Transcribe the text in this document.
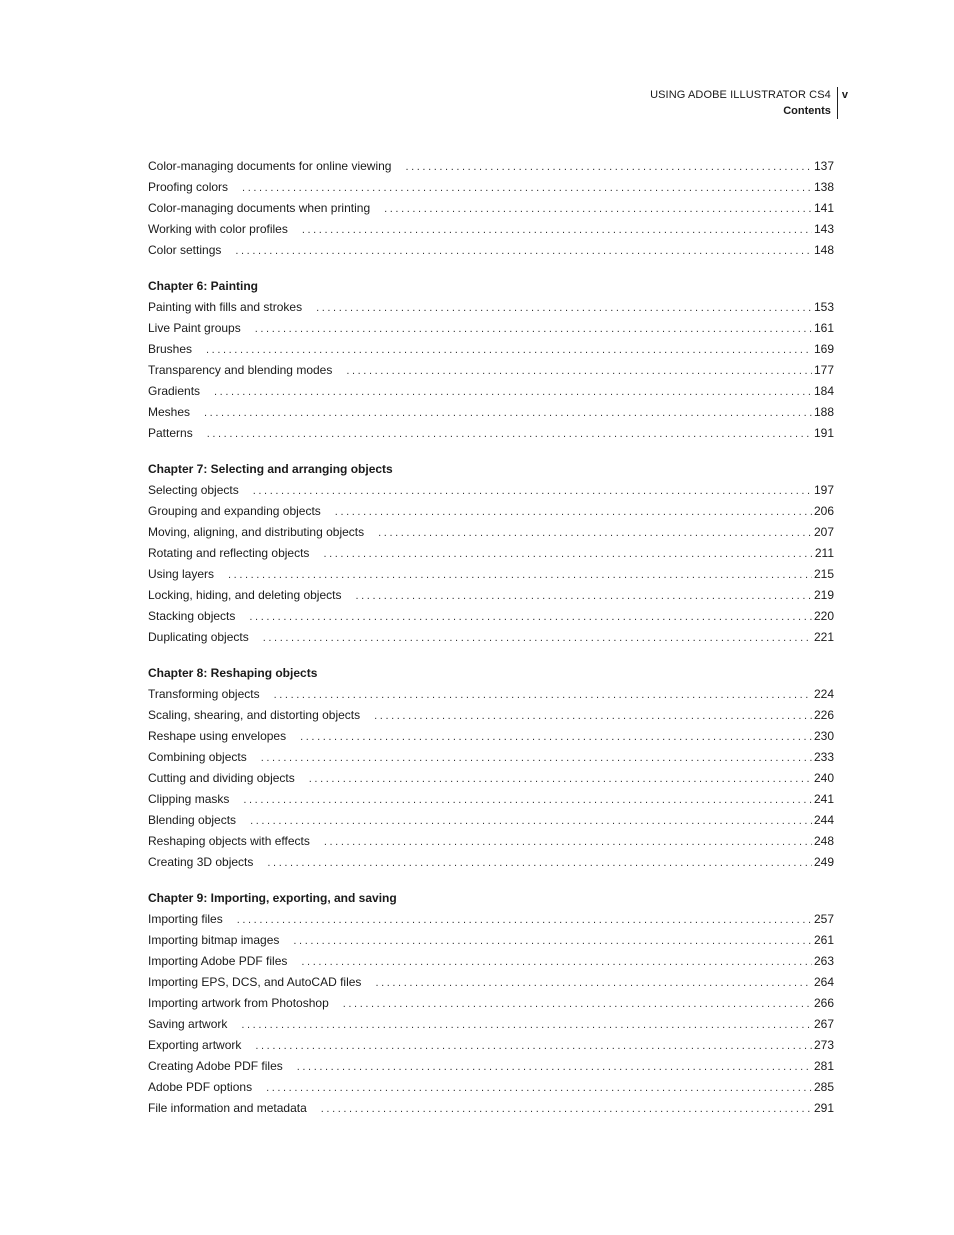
USING ADOBE ILLUSTRATOR CS4
Contents
v
Color-managing documents for online viewing .....	137
Proofing colors .....	138
Color-managing documents when printing .....	141
Working with color profiles .....	143
Color settings .....	148
Chapter 6: Painting
Painting with fills and strokes .....	153
Live Paint groups .....	161
Brushes .....	169
Transparency and blending modes .....	177
Gradients .....	184
Meshes .....	188
Patterns .....	191
Chapter 7: Selecting and arranging objects
Selecting objects .....	197
Grouping and expanding objects .....	206
Moving, aligning, and distributing objects .....	207
Rotating and reflecting objects .....	211
Using layers .....	215
Locking, hiding, and deleting objects .....	219
Stacking objects .....	220
Duplicating objects .....	221
Chapter 8: Reshaping objects
Transforming objects .....	224
Scaling, shearing, and distorting objects .....	226
Reshape using envelopes .....	230
Combining objects .....	233
Cutting and dividing objects .....	240
Clipping masks .....	241
Blending objects .....	244
Reshaping objects with effects .....	248
Creating 3D objects .....	249
Chapter 9: Importing, exporting, and saving
Importing files .....	257
Importing bitmap images .....	261
Importing Adobe PDF files .....	263
Importing EPS, DCS, and AutoCAD files .....	264
Importing artwork from Photoshop .....	266
Saving artwork .....	267
Exporting artwork .....	273
Creating Adobe PDF files .....	281
Adobe PDF options .....	285
File information and metadata .....	291
